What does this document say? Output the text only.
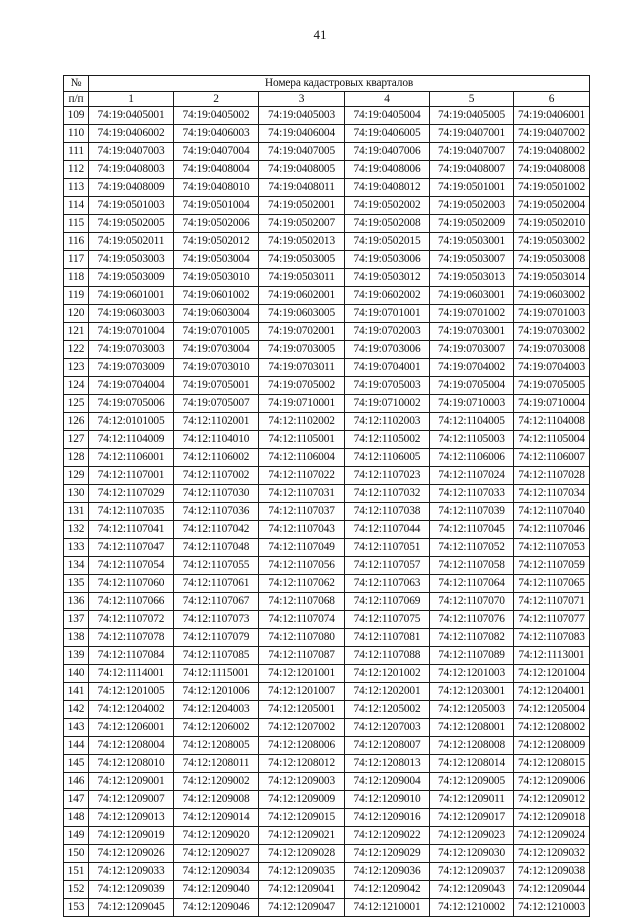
41
№	Номера кадастровых кварталов					
п/п	1	2	3	4	5	6
109	74:19:0405001	74:19:0405002	74:19:0405003	74:19:0405004	74:19:0405005	74:19:0406001
110	74:19:0406002	74:19:0406003	74:19:0406004	74:19:0406005	74:19:0407001	74:19:0407002
111	74:19:0407003	74:19:0407004	74:19:0407005	74:19:0407006	74:19:0407007	74:19:0408002
112	74:19:0408003	74:19:0408004	74:19:0408005	74:19:0408006	74:19:0408007	74:19:0408008
113	74:19:0408009	74:19:0408010	74:19:0408011	74:19:0408012	74:19:0501001	74:19:0501002
114	74:19:0501003	74:19:0501004	74:19:0502001	74:19:0502002	74:19:0502003	74:19:0502004
115	74:19:0502005	74:19:0502006	74:19:0502007	74:19:0502008	74:19:0502009	74:19:0502010
116	74:19:0502011	74:19:0502012	74:19:0502013	74:19:0502015	74:19:0503001	74:19:0503002
117	74:19:0503003	74:19:0503004	74:19:0503005	74:19:0503006	74:19:0503007	74:19:0503008
118	74:19:0503009	74:19:0503010	74:19:0503011	74:19:0503012	74:19:0503013	74:19:0503014
119	74:19:0601001	74:19:0601002	74:19:0602001	74:19:0602002	74:19:0603001	74:19:0603002
120	74:19:0603003	74:19:0603004	74:19:0603005	74:19:0701001	74:19:0701002	74:19:0701003
121	74:19:0701004	74:19:0701005	74:19:0702001	74:19:0702003	74:19:0703001	74:19:0703002
122	74:19:0703003	74:19:0703004	74:19:0703005	74:19:0703006	74:19:0703007	74:19:0703008
123	74:19:0703009	74:19:0703010	74:19:0703011	74:19:0704001	74:19:0704002	74:19:0704003
124	74:19:0704004	74:19:0705001	74:19:0705002	74:19:0705003	74:19:0705004	74:19:0705005
125	74:19:0705006	74:19:0705007	74:19:0710001	74:19:0710002	74:19:0710003	74:19:0710004
126	74:12:0101005	74:12:1102001	74:12:1102002	74:12:1102003	74:12:1104005	74:12:1104008
127	74:12:1104009	74:12:1104010	74:12:1105001	74:12:1105002	74:12:1105003	74:12:1105004
128	74:12:1106001	74:12:1106002	74:12:1106004	74:12:1106005	74:12:1106006	74:12:1106007
129	74:12:1107001	74:12:1107002	74:12:1107022	74:12:1107023	74:12:1107024	74:12:1107028
130	74:12:1107029	74:12:1107030	74:12:1107031	74:12:1107032	74:12:1107033	74:12:1107034
131	74:12:1107035	74:12:1107036	74:12:1107037	74:12:1107038	74:12:1107039	74:12:1107040
132	74:12:1107041	74:12:1107042	74:12:1107043	74:12:1107044	74:12:1107045	74:12:1107046
133	74:12:1107047	74:12:1107048	74:12:1107049	74:12:1107051	74:12:1107052	74:12:1107053
134	74:12:1107054	74:12:1107055	74:12:1107056	74:12:1107057	74:12:1107058	74:12:1107059
135	74:12:1107060	74:12:1107061	74:12:1107062	74:12:1107063	74:12:1107064	74:12:1107065
136	74:12:1107066	74:12:1107067	74:12:1107068	74:12:1107069	74:12:1107070	74:12:1107071
137	74:12:1107072	74:12:1107073	74:12:1107074	74:12:1107075	74:12:1107076	74:12:1107077
138	74:12:1107078	74:12:1107079	74:12:1107080	74:12:1107081	74:12:1107082	74:12:1107083
139	74:12:1107084	74:12:1107085	74:12:1107087	74:12:1107088	74:12:1107089	74:12:1113001
140	74:12:1114001	74:12:1115001	74:12:1201001	74:12:1201002	74:12:1201003	74:12:1201004
141	74:12:1201005	74:12:1201006	74:12:1201007	74:12:1202001	74:12:1203001	74:12:1204001
142	74:12:1204002	74:12:1204003	74:12:1205001	74:12:1205002	74:12:1205003	74:12:1205004
143	74:12:1206001	74:12:1206002	74:12:1207002	74:12:1207003	74:12:1208001	74:12:1208002
144	74:12:1208004	74:12:1208005	74:12:1208006	74:12:1208007	74:12:1208008	74:12:1208009
145	74:12:1208010	74:12:1208011	74:12:1208012	74:12:1208013	74:12:1208014	74:12:1208015
146	74:12:1209001	74:12:1209002	74:12:1209003	74:12:1209004	74:12:1209005	74:12:1209006
147	74:12:1209007	74:12:1209008	74:12:1209009	74:12:1209010	74:12:1209011	74:12:1209012
148	74:12:1209013	74:12:1209014	74:12:1209015	74:12:1209016	74:12:1209017	74:12:1209018
149	74:12:1209019	74:12:1209020	74:12:1209021	74:12:1209022	74:12:1209023	74:12:1209024
150	74:12:1209026	74:12:1209027	74:12:1209028	74:12:1209029	74:12:1209030	74:12:1209032
151	74:12:1209033	74:12:1209034	74:12:1209035	74:12:1209036	74:12:1209037	74:12:1209038
152	74:12:1209039	74:12:1209040	74:12:1209041	74:12:1209042	74:12:1209043	74:12:1209044
153	74:12:1209045	74:12:1209046	74:12:1209047	74:12:1210001	74:12:1210002	74:12:1210003
